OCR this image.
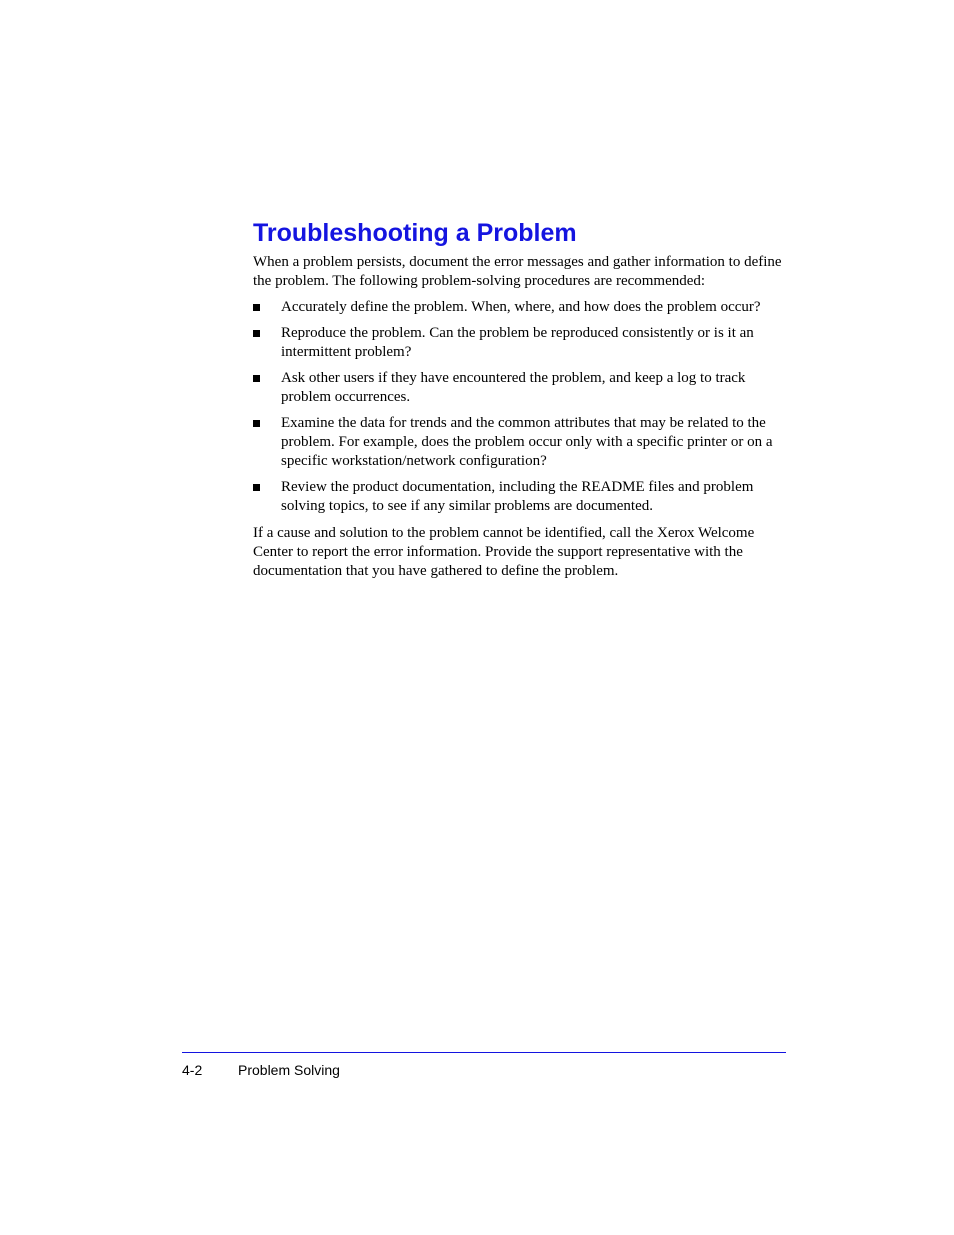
Troubleshooting a Problem

When a problem persists, document the error messages and gather information to define the problem. The following problem-solving procedures are recommended:

Accurately define the problem. When, where, and how does the problem occur?
Reproduce the problem. Can the problem be reproduced consistently or is it an intermittent problem?
Ask other users if they have encountered the problem, and keep a log to track problem occurrences.
Examine the data for trends and the common attributes that may be related to the problem. For example, does the problem occur only with a specific printer or on a specific workstation/network configuration?
Review the product documentation, including the README files and problem solving topics, to see if any similar problems are documented.

If a cause and solution to the problem cannot be identified, call the Xerox Welcome Center to report the error information. Provide the support representative with the documentation that you have gathered to define the problem.

4-2	Problem Solving
